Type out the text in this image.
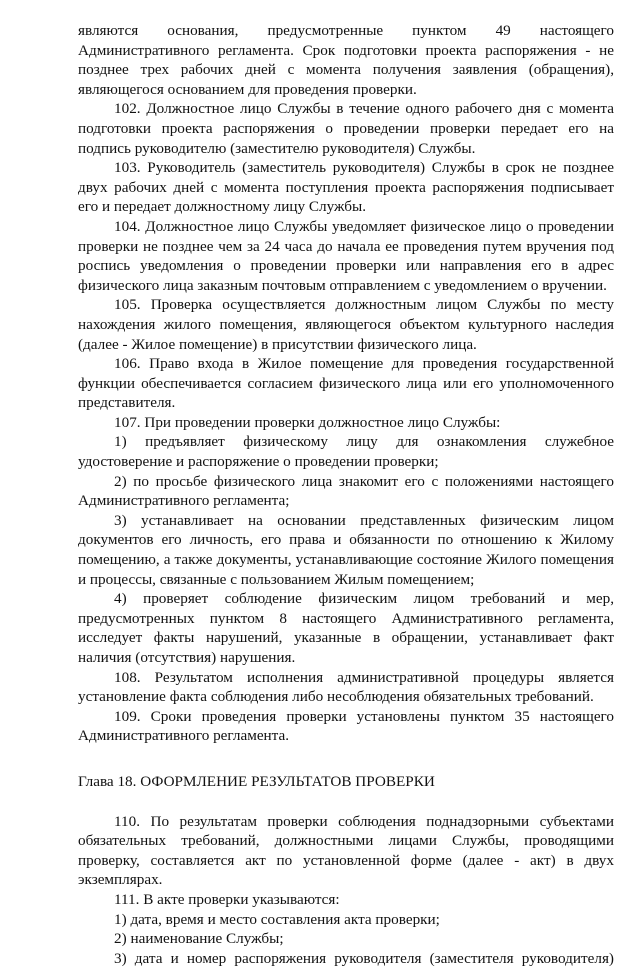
являются основания, предусмотренные пунктом 49 настоящего Административного регламента. Срок подготовки проекта распоряжения - не позднее трех рабочих дней с момента получения заявления (обращения), являющегося основанием для проведения проверки.

102. Должностное лицо Службы в течение одного рабочего дня с момента подготовки проекта распоряжения о проведении проверки передает его на подпись руководителю (заместителю руководителя) Службы.

103. Руководитель (заместитель руководителя) Службы в срок не позднее двух рабочих дней с момента поступления проекта распоряжения подписывает его и передает должностному лицу Службы.

104. Должностное лицо Службы уведомляет физическое лицо о проведении проверки не позднее чем за 24 часа до начала ее проведения путем вручения под роспись уведомления о проведении проверки или направления его в адрес физического лица заказным почтовым отправлением с уведомлением о вручении.

105. Проверка осуществляется должностным лицом Службы по месту нахождения жилого помещения, являющегося объектом культурного наследия (далее - Жилое помещение) в присутствии физического лица.

106. Право входа в Жилое помещение для проведения государственной функции обеспечивается согласием физического лица или его уполномоченного представителя.

107. При проведении проверки должностное лицо Службы:

1) предъявляет физическому лицу для ознакомления служебное удостоверение и распоряжение о проведении проверки;

2) по просьбе физического лица знакомит его с положениями настоящего Административного регламента;

3) устанавливает на основании представленных физическим лицом документов его личность, его права и обязанности по отношению к Жилому помещению, а также документы, устанавливающие состояние Жилого помещения и процессы, связанные с пользованием Жилым помещением;

4) проверяет соблюдение физическим лицом требований и мер, предусмотренных пунктом 8 настоящего Административного регламента, исследует факты нарушений, указанные в обращении, устанавливает факт наличия (отсутствия) нарушения.

108. Результатом исполнения административной процедуры является установление факта соблюдения либо несоблюдения обязательных требований.

109. Сроки проведения проверки установлены пунктом 35 настоящего Административного регламента.

Глава 18. ОФОРМЛЕНИЕ РЕЗУЛЬТАТОВ ПРОВЕРКИ

110. По результатам проверки соблюдения поднадзорными субъектами обязательных требований, должностными лицами Службы, проводящими проверку, составляется акт по установленной форме (далее - акт) в двух экземплярах.

111. В акте проверки указываются:

1) дата, время и место составления акта проверки;

2) наименование Службы;

3) дата и номер распоряжения руководителя (заместителя руководителя)
